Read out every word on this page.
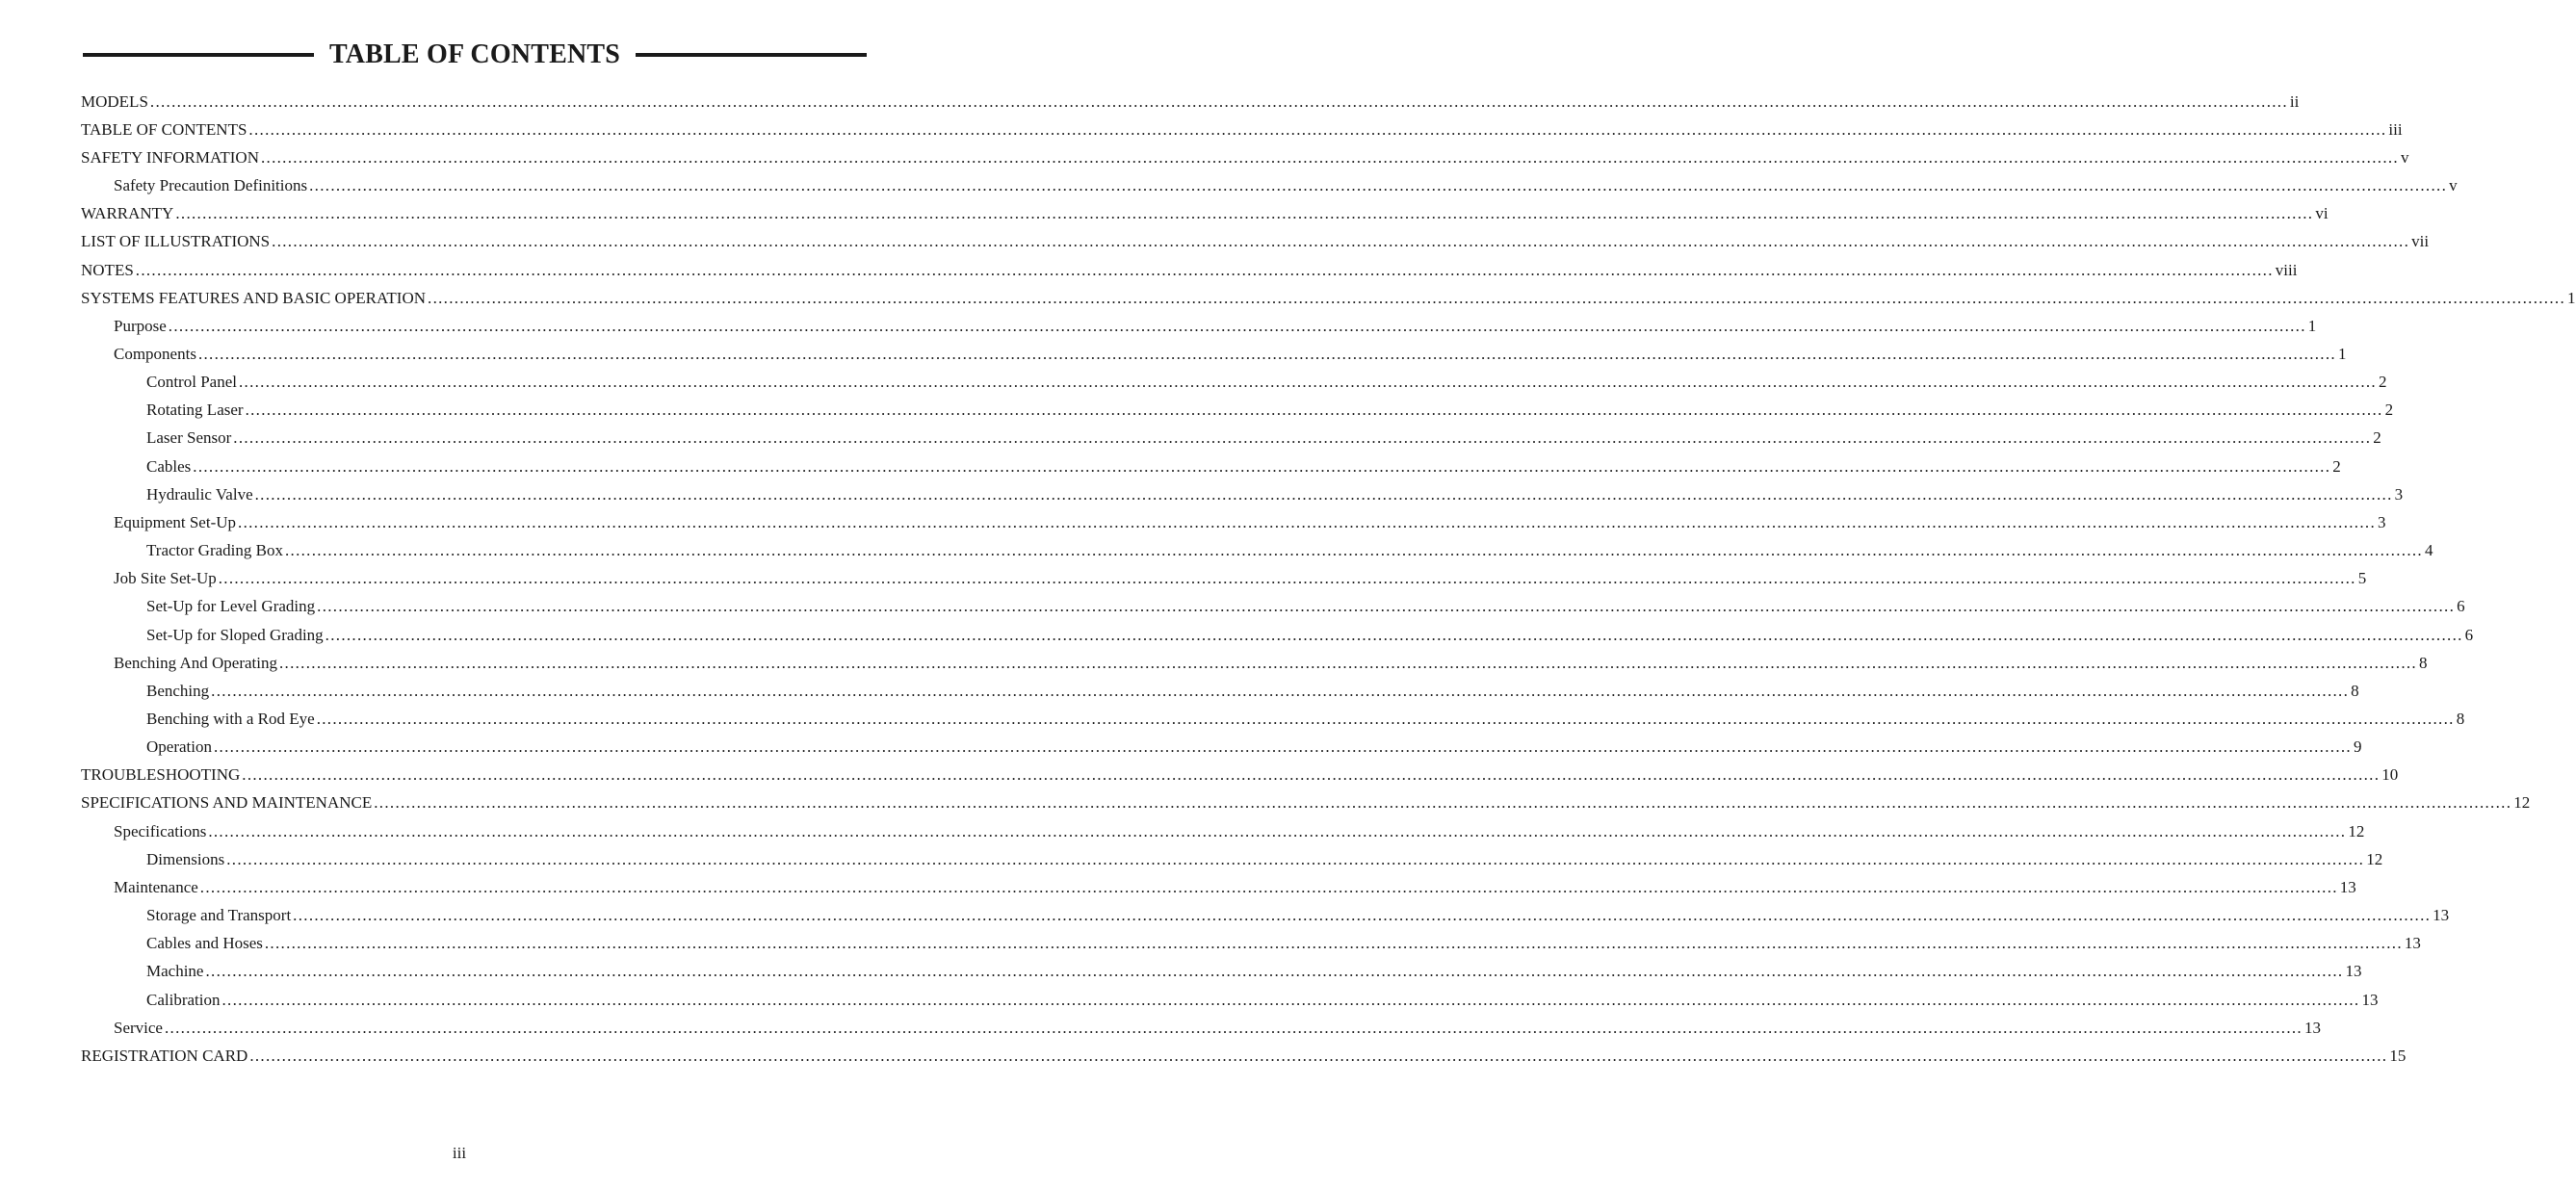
TABLE OF CONTENTS
MODELS ................................................................................................................................................................................................................................................................................................................................................................................................................ ii
TABLE OF CONTENTS ................................................................................................................................................................................................................................................................................................................................................................................................................ iii
SAFETY INFORMATION ................................................................................................................................................................................................................................................................................................................................................................................................................ v
Safety Precaution Definitions ................................................................................................................................................................................................................................................................................................................................................................................................................ v
WARRANTY ................................................................................................................................................................................................................................................................................................................................................................................................................ vi
LIST OF ILLUSTRATIONS ................................................................................................................................................................................................................................................................................................................................................................................................................ vii
NOTES ................................................................................................................................................................................................................................................................................................................................................................................................................ viii
SYSTEMS FEATURES AND BASIC OPERATION ................................................................................................................................................................................................................................................................................................................................................................................................................ 1
Purpose ................................................................................................................................................................................................................................................................................................................................................................................................................ 1
Components ................................................................................................................................................................................................................................................................................................................................................................................................................ 1
Control Panel ................................................................................................................................................................................................................................................................................................................................................................................................................ 2
Rotating Laser ................................................................................................................................................................................................................................................................................................................................................................................................................ 2
Laser Sensor ................................................................................................................................................................................................................................................................................................................................................................................................................ 2
Cables ................................................................................................................................................................................................................................................................................................................................................................................................................ 2
Hydraulic Valve ................................................................................................................................................................................................................................................................................................................................................................................................................ 3
Equipment Set-Up ................................................................................................................................................................................................................................................................................................................................................................................................................ 3
Tractor Grading Box ................................................................................................................................................................................................................................................................................................................................................................................................................ 4
Job Site Set-Up ................................................................................................................................................................................................................................................................................................................................................................................................................ 5
Set-Up for Level Grading ................................................................................................................................................................................................................................................................................................................................................................................................................ 6
Set-Up for Sloped Grading ................................................................................................................................................................................................................................................................................................................................................................................................................ 6
Benching And Operating ................................................................................................................................................................................................................................................................................................................................................................................................................ 8
Benching ................................................................................................................................................................................................................................................................................................................................................................................................................ 8
Benching with a Rod Eye ................................................................................................................................................................................................................................................................................................................................................................................................................ 8
Operation ................................................................................................................................................................................................................................................................................................................................................................................................................ 9
TROUBLESHOOTING ................................................................................................................................................................................................................................................................................................................................................................................................................ 10
SPECIFICATIONS AND MAINTENANCE ................................................................................................................................................................................................................................................................................................................................................................................................................ 12
Specifications ................................................................................................................................................................................................................................................................................................................................................................................................................ 12
Dimensions ................................................................................................................................................................................................................................................................................................................................................................................................................ 12
Maintenance ................................................................................................................................................................................................................................................................................................................................................................................................................ 13
Storage and Transport ................................................................................................................................................................................................................................................................................................................................................................................................................ 13
Cables and Hoses ................................................................................................................................................................................................................................................................................................................................................................................................................ 13
Machine ................................................................................................................................................................................................................................................................................................................................................................................................................ 13
Calibration ................................................................................................................................................................................................................................................................................................................................................................................................................ 13
Service ................................................................................................................................................................................................................................................................................................................................................................................................................ 13
REGISTRATION CARD ................................................................................................................................................................................................................................................................................................................................................................................................................ 15
iii
